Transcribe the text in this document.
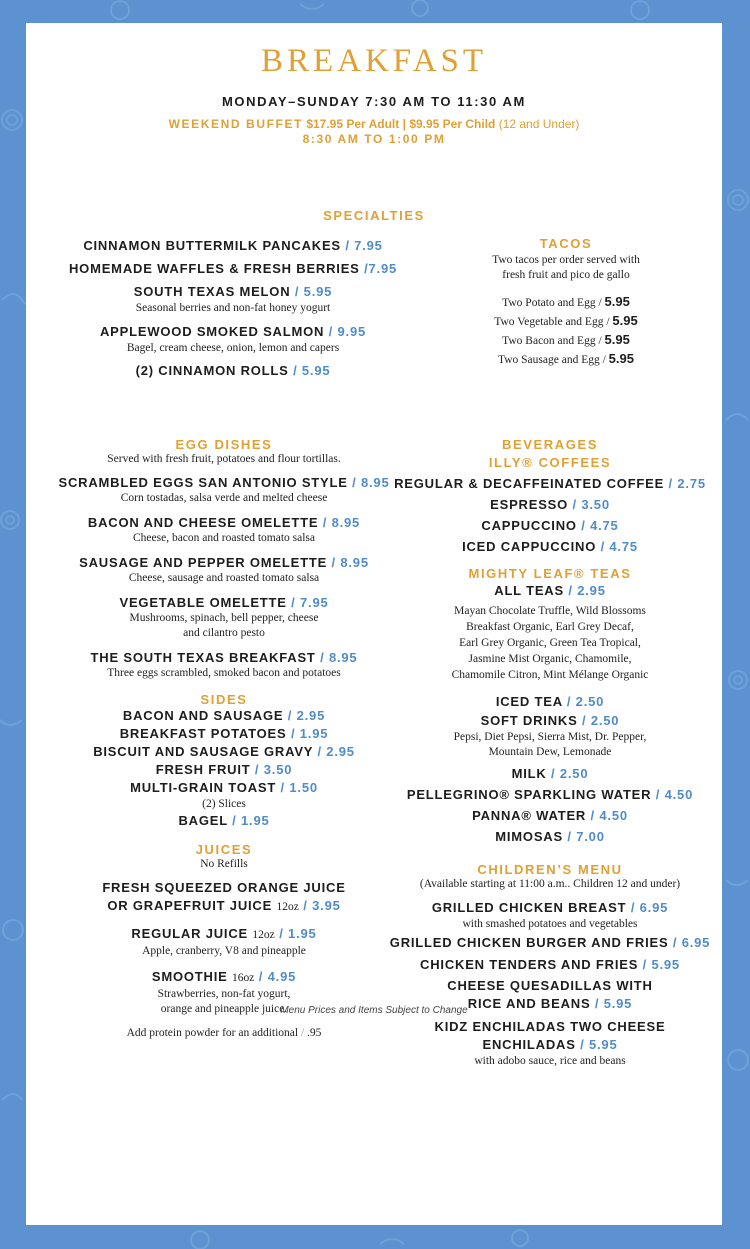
BREAKFAST
MONDAY–SUNDAY 7:30 AM TO 11:30 AM
WEEKEND BUFFET $17.95 Per Adult | $9.95 Per Child (12 and Under)
8:30 AM TO 1:00 PM
SPECIALTIES
CINNAMON BUTTERMILK PANCAKES / 7.95
HOMEMADE WAFFLES & FRESH BERRIES /7.95
SOUTH TEXAS MELON / 5.95
Seasonal berries and non-fat honey yogurt
APPLEWOOD SMOKED SALMON / 9.95
Bagel, cream cheese, onion, lemon and capers
(2) CINNAMON ROLLS / 5.95
TACOS
Two tacos per order served with
fresh fruit and pico de gallo
Two Potato and Egg / 5.95
Two Vegetable and Egg / 5.95
Two Bacon and Egg / 5.95
Two Sausage and Egg / 5.95
EGG DISHES
Served with fresh fruit, potatoes and flour tortillas.
SCRAMBLED EGGS SAN ANTONIO STYLE / 8.95
Corn tostadas, salsa verde and melted cheese
BACON AND CHEESE OMELETTE / 8.95
Cheese, bacon and roasted tomato salsa
SAUSAGE AND PEPPER OMELETTE / 8.95
Cheese, sausage and roasted tomato salsa
VEGETABLE OMELETTE / 7.95
Mushrooms, spinach, bell pepper, cheese
and cilantro pesto
THE SOUTH TEXAS BREAKFAST / 8.95
Three eggs scrambled, smoked bacon and potatoes
SIDES
BACON AND SAUSAGE / 2.95
BREAKFAST POTATOES / 1.95
BISCUIT AND SAUSAGE GRAVY / 2.95
FRESH FRUIT / 3.50
MULTI-GRAIN TOAST / 1.50
(2) Slices
BAGEL / 1.95
JUICES
No Refills
FRESH SQUEEZED ORANGE JUICE
OR GRAPEFRUIT JUICE 12oz / 3.95
REGULAR JUICE 12oz / 1.95
Apple, cranberry, V8 and pineapple
SMOOTHIE 16oz / 4.95
Strawberries, non-fat yogurt,
orange and pineapple juice.
Add protein powder for an additional / .95
BEVERAGES
ILLY® COFFEES
REGULAR & DECAFFEINATED COFFEE / 2.75
ESPRESSO / 3.50
CAPPUCCINO / 4.75
ICED CAPPUCCINO / 4.75
MIGHTY LEAF® TEAS
ALL TEAS / 2.95
Mayan Chocolate Truffle, Wild Blossoms
Breakfast Organic, Earl Grey Decaf,
Earl Grey Organic, Green Tea Tropical,
Jasmine Mist Organic, Chamomile,
Chamomile Citron, Mint Mélange Organic
ICED TEA / 2.50
SOFT DRINKS / 2.50
Pepsi, Diet Pepsi, Sierra Mist, Dr. Pepper,
Mountain Dew, Lemonade
MILK / 2.50
PELLEGRINO® SPARKLING WATER / 4.50
PANNA® WATER / 4.50
MIMOSAS / 7.00
CHILDREN’S MENU
(Available starting at 11:00 a.m.. Children 12 and under)
GRILLED CHICKEN BREAST / 6.95
with smashed potatoes and vegetables
GRILLED CHICKEN BURGER AND FRIES / 6.95
CHICKEN TENDERS AND FRIES / 5.95
CHEESE QUESADILLAS WITH
RICE AND BEANS / 5.95
KIDZ ENCHILADAS TWO CHEESE
ENCHILADAS / 5.95
with adobo sauce, rice and beans
Menu Prices and Items Subject to Change
